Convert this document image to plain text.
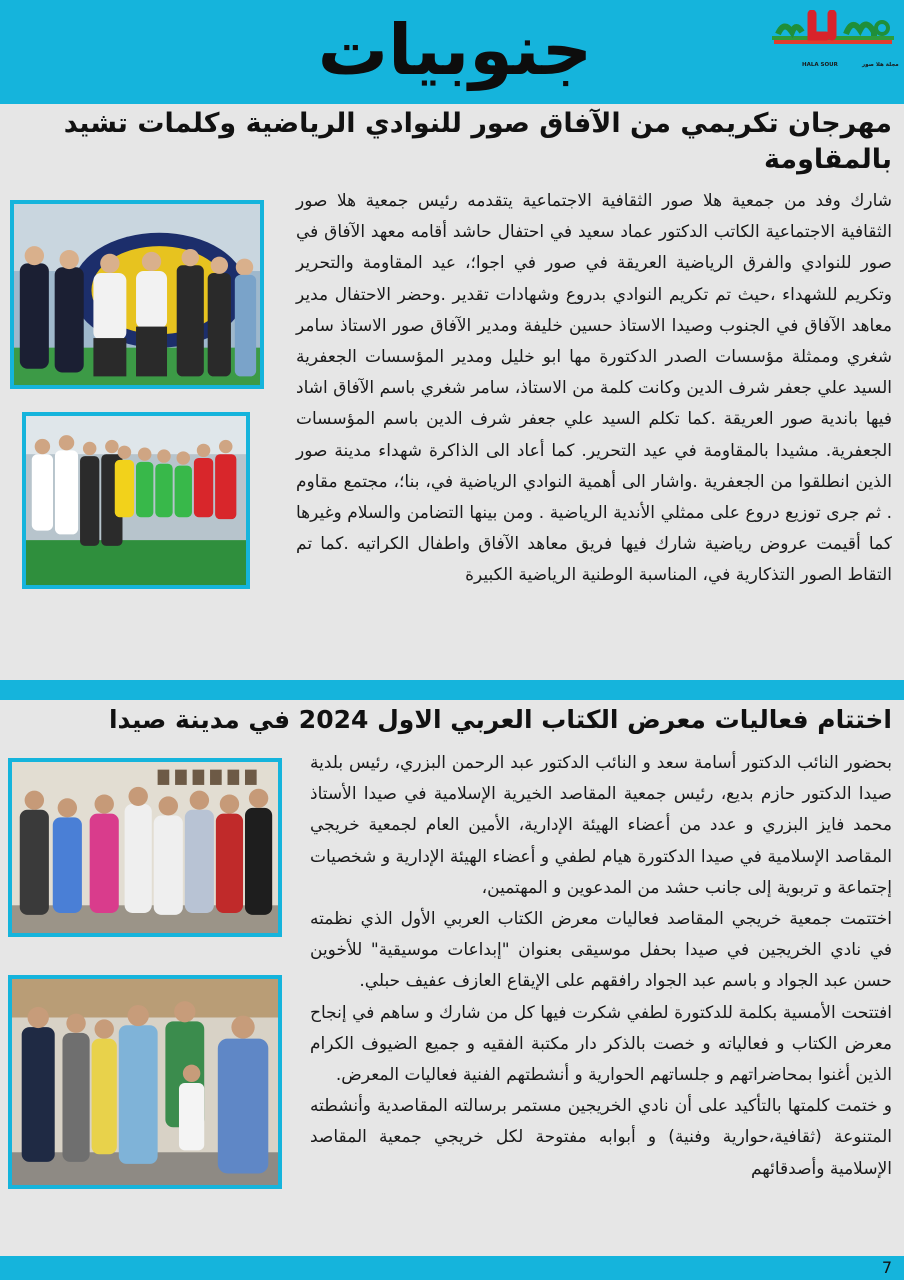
جنوبيات	HALA SOUR	مجلة هلا صور
مهرجان تكريمي من الآفاق صور للنوادي الرياضية وكلمات تشيد بالمقاومة

شارك وفد من جمعية هلا صور الثقافية الاجتماعية يتقدمه رئيس جمعية هلا صور الثقافية الاجتماعية الكاتب الدكتور عماد سعيد في احتفال حاشد أقامه معهد الآفاق في صور للنوادي والفرق الرياضية العريقة في صور في اجوا؛، عيد المقاومة والتحرير وتكريم للشهداء ،حيث تم تكريم النوادي بدروع وشهادات تقدير .وحضر الاحتفال مدير معاهد الآفاق في الجنوب وصيدا الاستاذ حسين خليفة ومدير الآفاق صور الاستاذ سامر شغري وممثلة مؤسسات الصدر الدكتورة مها ابو خليل ومدير المؤسسات الجعفرية السيد علي جعفر شرف الدين وكانت كلمة من الاستاذ، سامر شغري باسم الآفاق اشاد فيها باندية صور العريقة .كما تكلم السيد علي جعفر شرف الدين باسم المؤسسات الجعفرية. مشيدا بالمقاومة في عيد التحرير. كما أعاد الى الذاكرة شهداء مدينة صور الذين انطلقوا من الجعفرية .واشار الى أهمية النوادي الرياضية في، بنا؛، مجتمع مقاوم . ثم جرى توزيع دروع على ممثلي الأندية الرياضية . ومن بينها التضامن والسلام وغيرها كما أقيمت عروض رياضية شارك فيها فريق معاهد الآفاق واطفال الكراتيه .كما تم التقاط الصور التذكارية في، المناسبة الوطنية الرياضية الكبيرة

اختتام فعاليات معرض الكتاب العربي الاول 2024 في مدينة صيدا

بحضور النائب الدكتور أسامة سعد و النائب الدكتور عبد الرحمن البزري، رئيس بلدية صيدا الدكتور حازم بديع، رئيس جمعية المقاصد الخيرية الإسلامية في صيدا الأستاذ محمد فايز البزري و عدد من أعضاء الهيئة الإدارية، الأمين العام لجمعية خريجي المقاصد الإسلامية في صيدا الدكتورة هيام لطفي و أعضاء الهيئة الإدارية و شخصيات إجتماعة و تربوية إلى جانب حشد من المدعوين و المهتمين،

اختتمت جمعية خريجي المقاصد فعاليات معرض الكتاب العربي الأول الذي نظمته في نادي الخريجين في صيدا بحفل موسيقى بعنوان "إبداعات موسيقية" للأخوين حسن عبد الجواد و باسم عبد الجواد رافقهم على الإيقاع العازف عفيف حبلي.

افتتحت الأمسية بكلمة للدكتورة لطفي شكرت فيها كل من شارك و ساهم في إنجاح معرض الكتاب و فعالياته و خصت بالذكر دار مكتبة الفقيه و جميع الضيوف الكرام الذين أغنوا بمحاضراتهم و جلساتهم الحوارية و أنشطتهم الفنية فعاليات المعرض.

و ختمت كلمتها بالتأكيد على أن نادي الخريجين مستمر برسالته المقاصدية وأنشطته المتنوعة (ثقافية،حوارية وفنية) و أبوابه مفتوحة لكل خريجي جمعية المقاصد الإسلامية وأصدقائهم

7
